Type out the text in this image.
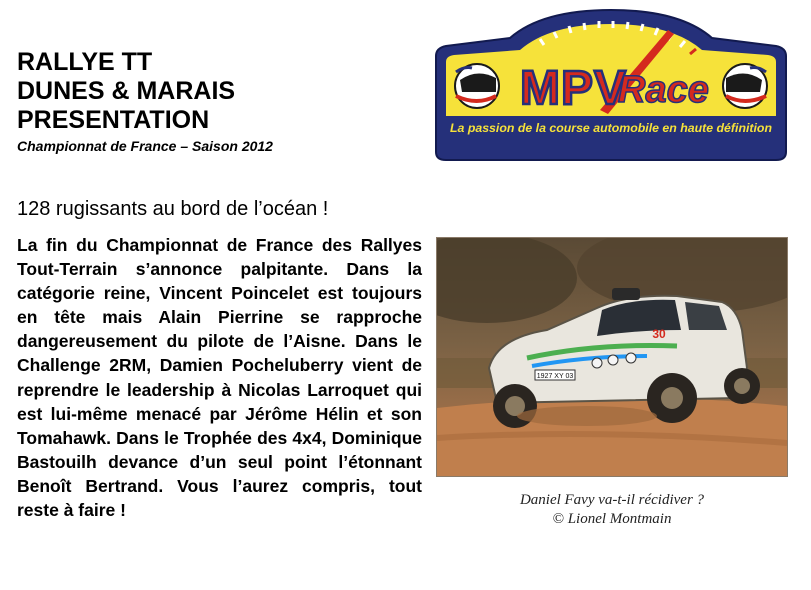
RALLYE TT
DUNES & MARAIS
PRESENTATION
Championnat de France – Saison 2012
MPV
Race
La passion de la course automobile en haute définition
128 rugissants au bord de l’océan !
La fin du Championnat de France des Rallyes Tout-Terrain s’annonce palpitante. Dans la catégorie reine, Vincent Poincelet est toujours en tête mais Alain Pierrine se rapproche dangereusement du pilote de l’Aisne. Dans le Challenge 2RM, Damien Pocheluberry vient de reprendre le leadership à Nicolas Larroquet qui est lui-même menacé par Jérôme Hélin et son Tomahawk. Dans le Trophée des 4x4, Dominique Bastouilh devance d’un seul point l’étonnant Benoît Bertrand. Vous l’aurez compris, tout reste à faire !
1927 XY 03
30
Daniel Favy va-t-il récidiver ?
© Lionel Montmain
